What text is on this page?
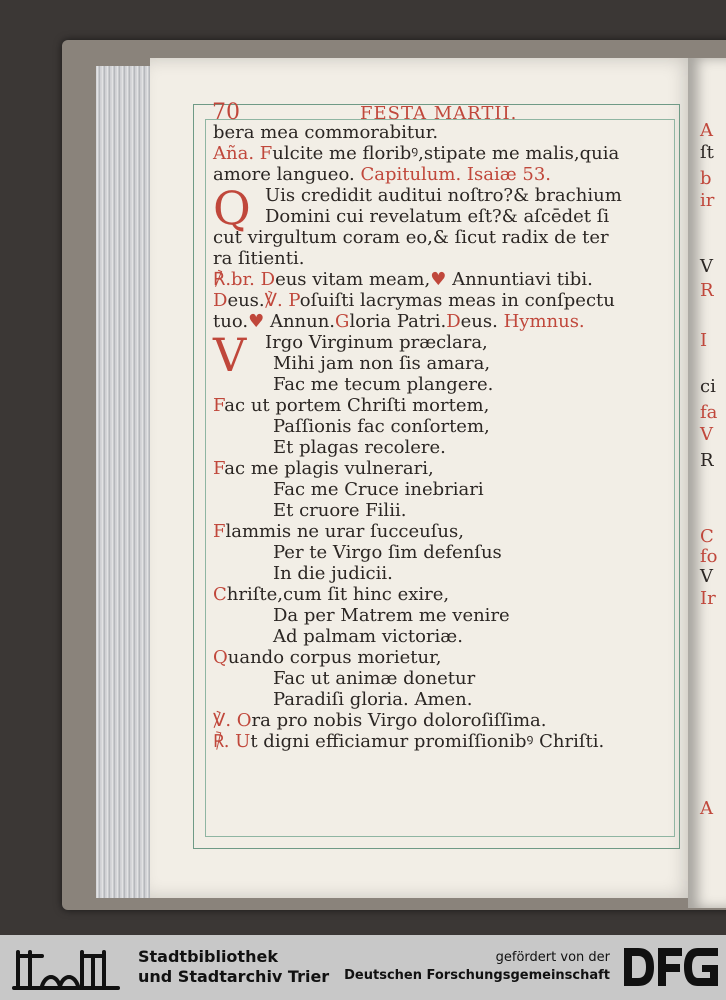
A
ſt
b
ir
V
R
I
ci
fa
V
R
C
fo
V
Ir
A
70	FESTA MARTII.
bera mea commorabitur.
Aña. Fulcite me floribꝰ,stipate me malis,quia
amore langueo. Capitulum. Isaiæ 53.
Q Uis credidit auditui noſtro?& brachium
Domini cui revelatum eſt?& aſcēdet ſi
cut virgultum coram eo,& ſicut radix de ter
ra ſitienti.
℟.br. Deus vitam meam,♥ Annuntiavi tibi.
Deus.℣. Poſuiſti lacrymas meas in conſpectu
tuo.♥ Annun.Gloria Patri.Deus. Hymnus.
V	Irgo Virginum præclara,
Mihi jam non ſis amara,
Fac me tecum plangere.
Fac ut portem Chriſti mortem,
Paſſionis fac conſortem,
Et plagas recolere.
Fac me plagis vulnerari,
Fac me Cruce inebriari
Et cruore Filii.
Flammis ne urar ſucceuſus,
Per te Virgo ſim defenſus
In die judicii.
Chriſte,cum ſit hinc exire,
Da per Matrem me venire
Ad palmam victoriæ.
Quando corpus morietur,
Fac ut animæ donetur
Paradiſi gloria. Amen.
℣. Ora pro nobis Virgo doloroſiſſima.
℟. Ut digni efficiamur promiſſionibꝰ Chriſti.
Stadtbibliothek
und Stadtarchiv Trier
gefördert von der
Deutschen Forschungsgemeinschaft
